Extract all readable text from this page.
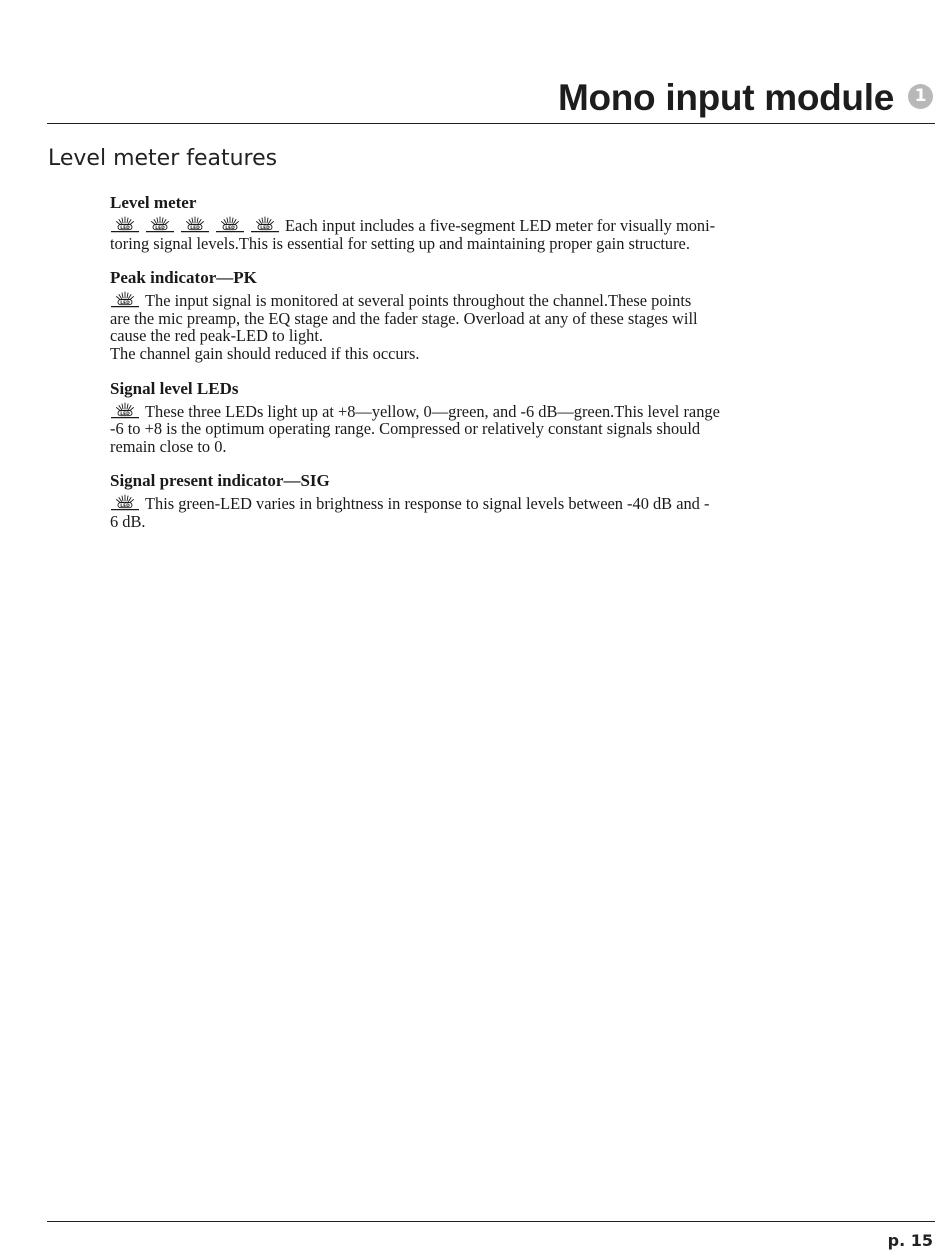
Mono input module	1
Level meter features
Level meter
LED	LED	LED	LED	LED Each input includes a five-segment LED meter for visually moni-
toring signal levels.This is essential for setting up and maintaining proper gain structure.
Peak indicator—PK
LED The input signal is monitored at several points throughout the channel.These points
are the mic preamp, the EQ stage and the fader stage. Overload at any of these stages will
cause the red peak-LED to light.
The channel gain should reduced if this occurs.
Signal level LEDs
LED These three LEDs light up at +8—yellow, 0—green, and -6 dB—green.This level range
-6 to +8 is the optimum operating range. Compressed or relatively constant signals should
remain close to 0.
Signal present indicator—SIG
LED This green-LED varies in brightness in response to signal levels between -40 dB and -
6 dB.
p. 15
